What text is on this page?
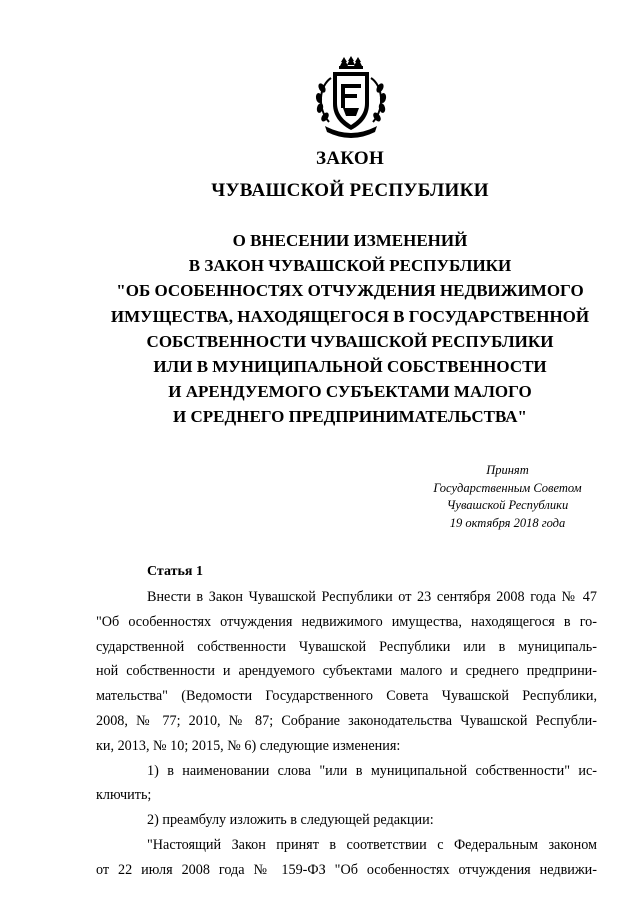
ЗАКОН
ЧУВАШСКОЙ РЕСПУБЛИКИ
О ВНЕСЕНИИ ИЗМЕНЕНИЙ
В ЗАКОН ЧУВАШСКОЙ РЕСПУБЛИКИ
"ОБ ОСОБЕННОСТЯХ ОТЧУЖДЕНИЯ НЕДВИЖИМОГО
ИМУЩЕСТВА, НАХОДЯЩЕГОСЯ В ГОСУДАРСТВЕННОЙ
СОБСТВЕННОСТИ ЧУВАШСКОЙ РЕСПУБЛИКИ
ИЛИ В МУНИЦИПАЛЬНОЙ СОБСТВЕННОСТИ
И АРЕНДУЕМОГО СУБЪЕКТАМИ МАЛОГО
И СРЕДНЕГО ПРЕДПРИНИМАТЕЛЬСТВА"
Принят
Государственным Советом
Чувашской Республики
19 октября 2018 года
Статья 1
Внести в Закон Чувашской Республики от 23 сентября 2008 года № 47
"Об особенностях отчуждения недвижимого имущества, находящегося в го-
сударственной собственности Чувашской Республики или в муниципаль-
ной собственности и арендуемого субъектами малого и среднего предприни-
мательства" (Ведомости Государственного Совета Чувашской Республики,
2008, № 77; 2010, № 87; Собрание законодательства Чувашской Республи-
ки, 2013, № 10; 2015, № 6) следующие изменения:
1) в наименовании слова "или в муниципальной собственности" ис-
ключить;
2) преамбулу изложить в следующей редакции:
"Настоящий Закон принят в соответствии с Федеральным законом
от 22 июля 2008 года № 159-ФЗ "Об особенностях отчуждения недвижи-
